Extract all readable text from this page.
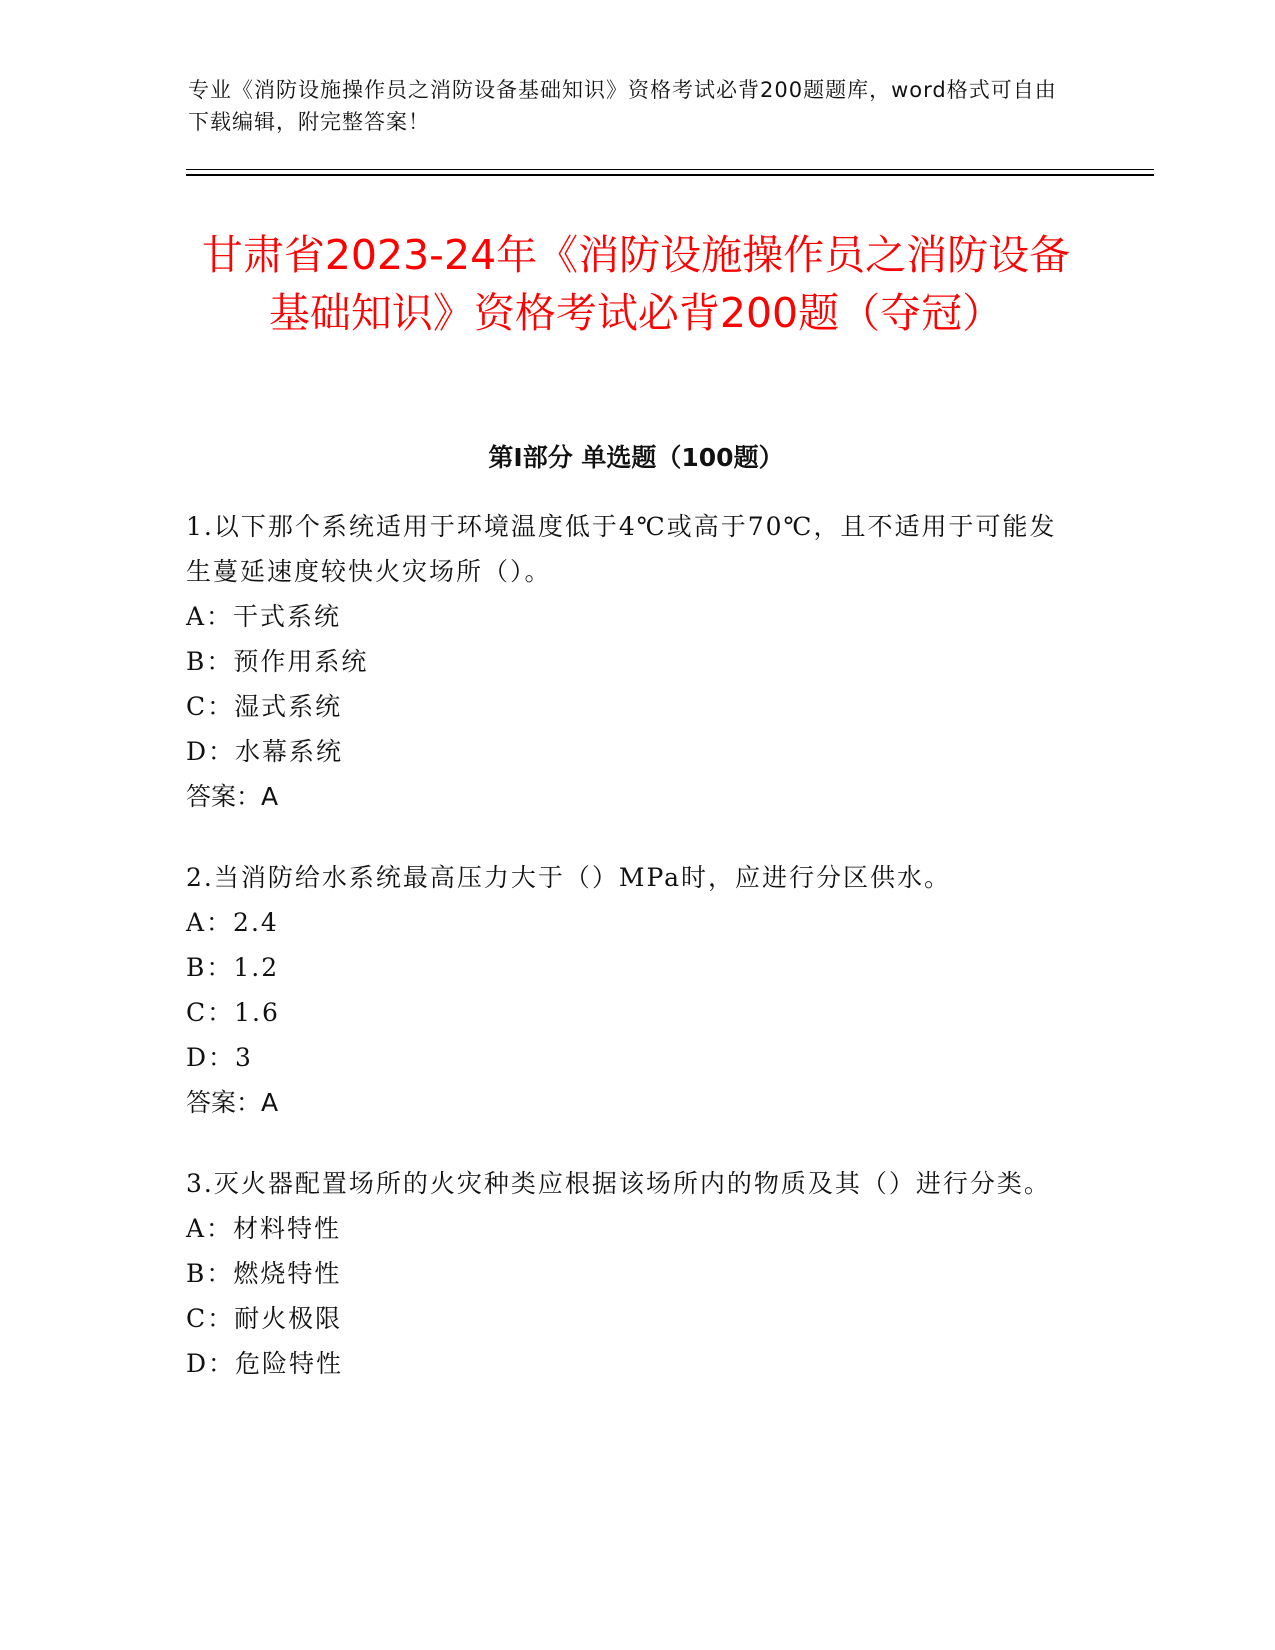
专业《消防设施操作员之消防设备基础知识》资格考试必背200题题库，word格式可自由下载编辑，附完整答案！
甘肃省2023-24年《消防设施操作员之消防设备基础知识》资格考试必背200题（夺冠）
第I部分 单选题（100题）
1.以下那个系统适用于环境温度低于4℃或高于70℃，且不适用于可能发生蔓延速度较快火灾场所（）。
A：干式系统
B：预作用系统
C：湿式系统
D：水幕系统
答案：A
2.当消防给水系统最高压力大于（）MPa时，应进行分区供水。
A：2.4
B：1.2
C：1.6
D：3
答案：A
3.灭火器配置场所的火灾种类应根据该场所内的物质及其（）进行分类。
A：材料特性
B：燃烧特性
C：耐火极限
D：危险特性
